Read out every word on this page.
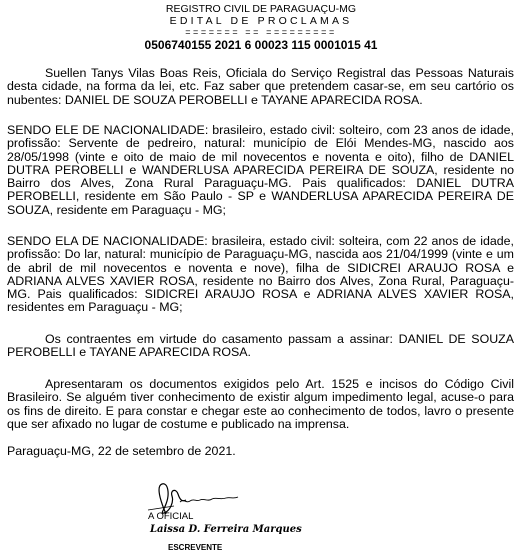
REGISTRO CIVIL DE PARAGUAÇU-MG
EDITAL DE PROCLAMAS
======= == =========
0506740155 2021 6 00023 115 0001015 41

Suellen Tanys Vilas Boas Reis, Oficiala do Serviço Registral das Pessoas Naturais desta cidade, na forma da lei, etc. Faz saber que pretendem casar-se, em seu cartório os nubentes: DANIEL DE SOUZA PEROBELLI e TAYANE APARECIDA ROSA.

SENDO ELE DE NACIONALIDADE: brasileiro, estado civil: solteiro, com 23 anos de idade, profissão: Servente de pedreiro, natural: município de Elói Mendes-MG, nascido aos 28/05/1998 (vinte e oito de maio de mil novecentos e noventa e oito), filho de DANIEL DUTRA PEROBELLI e WANDERLUSA APARECIDA PEREIRA DE SOUZA, residente no Bairro dos Alves, Zona Rural Paraguaçu-MG. Pais qualificados: DANIEL DUTRA PEROBELLI, residente em São Paulo - SP e WANDERLUSA APARECIDA PEREIRA DE SOUZA, residente em Paraguaçu - MG;

SENDO ELA DE NACIONALIDADE: brasileira, estado civil: solteira, com 22 anos de idade, profissão: Do lar, natural: município de Paraguaçu-MG, nascida aos 21/04/1999 (vinte e um de abril de mil novecentos e noventa e nove), filha de SIDICREI ARAUJO ROSA e ADRIANA ALVES XAVIER ROSA, residente no Bairro dos Alves, Zona Rural, Paraguaçu-MG. Pais qualificados: SIDICREI ARAUJO ROSA e ADRIANA ALVES XAVIER ROSA, residentes em Paraguaçu - MG;

Os contraentes em virtude do casamento passam a assinar: DANIEL DE SOUZA PEROBELLI e TAYANE APARECIDA ROSA.

Apresentaram os documentos exigidos pelo Art. 1525 e incisos do Código Civil Brasileiro. Se alguém tiver conhecimento de existir algum impedimento legal, acuse-o para os fins de direito. E para constar e chegar este ao conhecimento de todos, lavro o presente que ser afixado no lugar de costume e publicado na imprensa.

Paraguaçu-MG, 22 de setembro de 2021.
A OFICIAL
Laissa D. Ferreira Marques
ESCREVENTE
